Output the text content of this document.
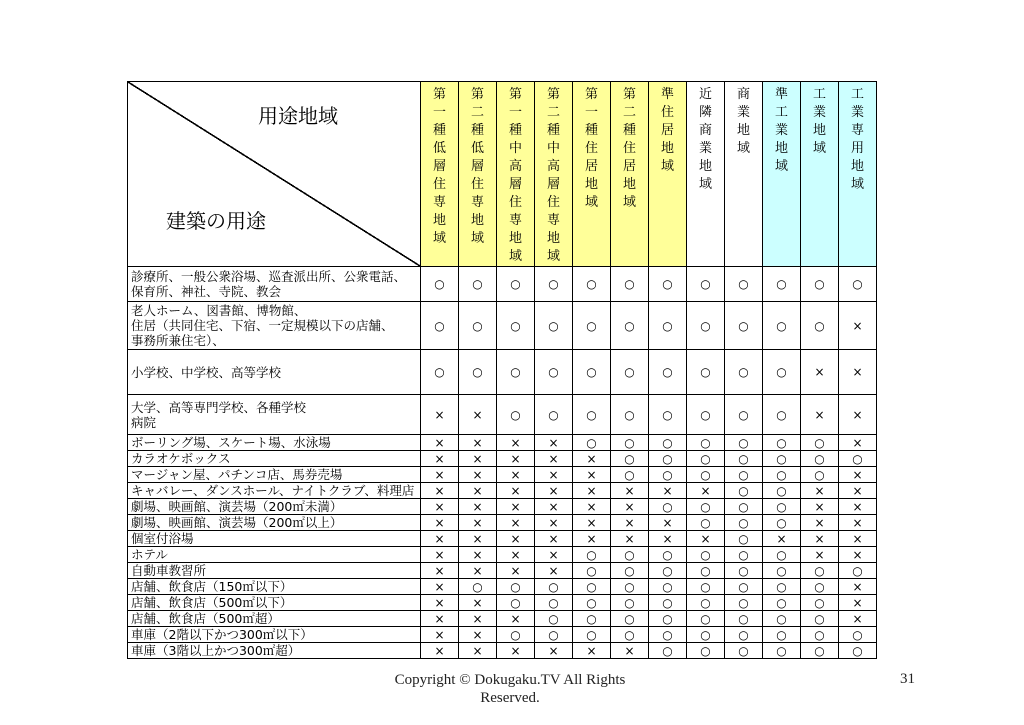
用途地域
建築の用途	第一種低層住専地域	第二種低層住専地域	第一種中高層住専地域	第二種中高層住専地域	第一種住居地域	第二種住居地域	準住居地域	近隣商業地域	商業地域	準工業地域	工業地域	工業専用地域

診療所、一般公衆浴場、巡査派出所、公衆電話、
保育所、神社、寺院、教会	○	○	○	○	○	○	○	○	○	○	○	○

老人ホーム、図書館、博物館、
住居（共同住宅、下宿、一定規模以下の店舗、
事務所兼住宅）、	○	○	○	○	○	○	○	○	○	○	○	×

小学校、中学校、高等学校	○	○	○	○	○	○	○	○	○	○	×	×

大学、高等専門学校、各種学校
病院	×	×	○	○	○	○	○	○	○	○	×	×

ボーリング場、スケート場、水泳場	×	×	×	×	○	○	○	○	○	○	○	×

カラオケボックス	×	×	×	×	×	○	○	○	○	○	○	○

マージャン屋、パチンコ店、馬券売場	×	×	×	×	×	○	○	○	○	○	○	×

キャバレー、ダンスホール、ナイトクラブ、料理店	×	×	×	×	×	×	×	×	○	○	×	×

劇場、映画館、演芸場（200㎡未満）	×	×	×	×	×	×	○	○	○	○	×	×

劇場、映画館、演芸場（200㎡以上）	×	×	×	×	×	×	×	○	○	○	×	×

個室付浴場	×	×	×	×	×	×	×	×	○	×	×	×

ホテル	×	×	×	×	○	○	○	○	○	○	×	×

自動車教習所	×	×	×	×	○	○	○	○	○	○	○	○

店舗、飲食店（150㎡以下）	×	○	○	○	○	○	○	○	○	○	○	×

店舗、飲食店（500㎡以下）	×	×	○	○	○	○	○	○	○	○	○	×

店舗、飲食店（500㎡超）	×	×	×	○	○	○	○	○	○	○	○	×

車庫（2階以下かつ300㎡以下）	×	×	○	○	○	○	○	○	○	○	○	○

車庫（3階以上かつ300㎡超）	×	×	×	×	×	×	○	○	○	○	○	○
Copyright © Dokugaku.TV All Rights Reserved.
31
